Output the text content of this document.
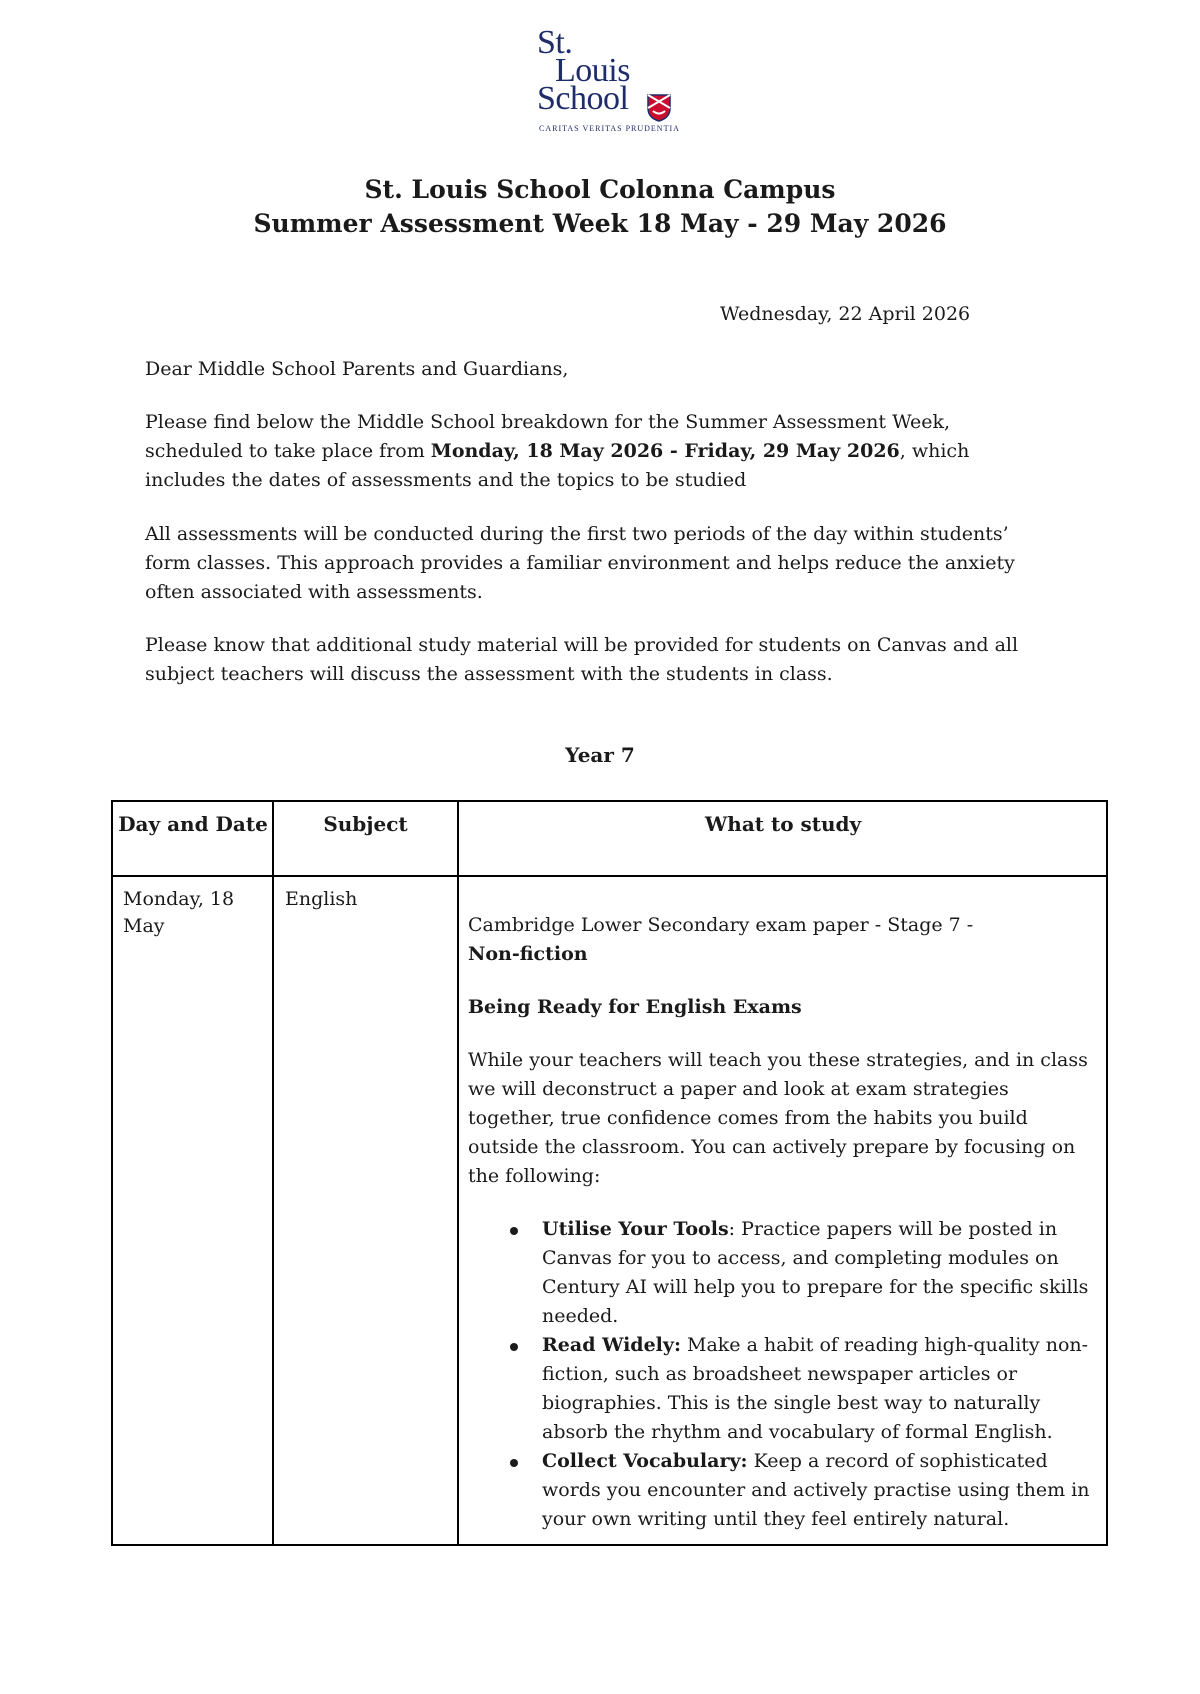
St.
Louis
School
CARITAS VERITAS PRUDENTIA
St. Louis School Colonna Campus
Summer Assessment Week 18 May - 29 May 2026
Wednesday, 22 April 2026

Dear Middle School Parents and Guardians,

Please find below the Middle School breakdown for the Summer Assessment Week, scheduled to take place from Monday, 18 May 2026 - Friday, 29 May 2026, which includes the dates of assessments and the topics to be studied

All assessments will be conducted during the first two periods of the day within students’ form classes. This approach provides a familiar environment and helps reduce the anxiety often associated with assessments.

Please know that additional study material will be provided for students on Canvas and all subject teachers will discuss the assessment with the students in class.

Year 7
Day and Date	Subject	What to study
Monday, 18 May
English

Cambridge Lower Secondary exam paper - Stage 7 -

Non-fiction

Being Ready for English Exams

While your teachers will teach you these strategies, and in class we will deconstruct a paper and look at exam strategies together, true confidence comes from the habits you build outside the classroom. You can actively prepare by focusing on the following:

Utilise Your Tools: Practice papers will be posted in Canvas for you to access, and completing modules on Century AI will help you to prepare for the specific skills needed.
Read Widely: Make a habit of reading high-quality non-fiction, such as broadsheet newspaper articles or biographies. This is the single best way to naturally absorb the rhythm and vocabulary of formal English.
Collect Vocabulary: Keep a record of sophisticated words you encounter and actively practise using them in your own writing until they feel entirely natural.
